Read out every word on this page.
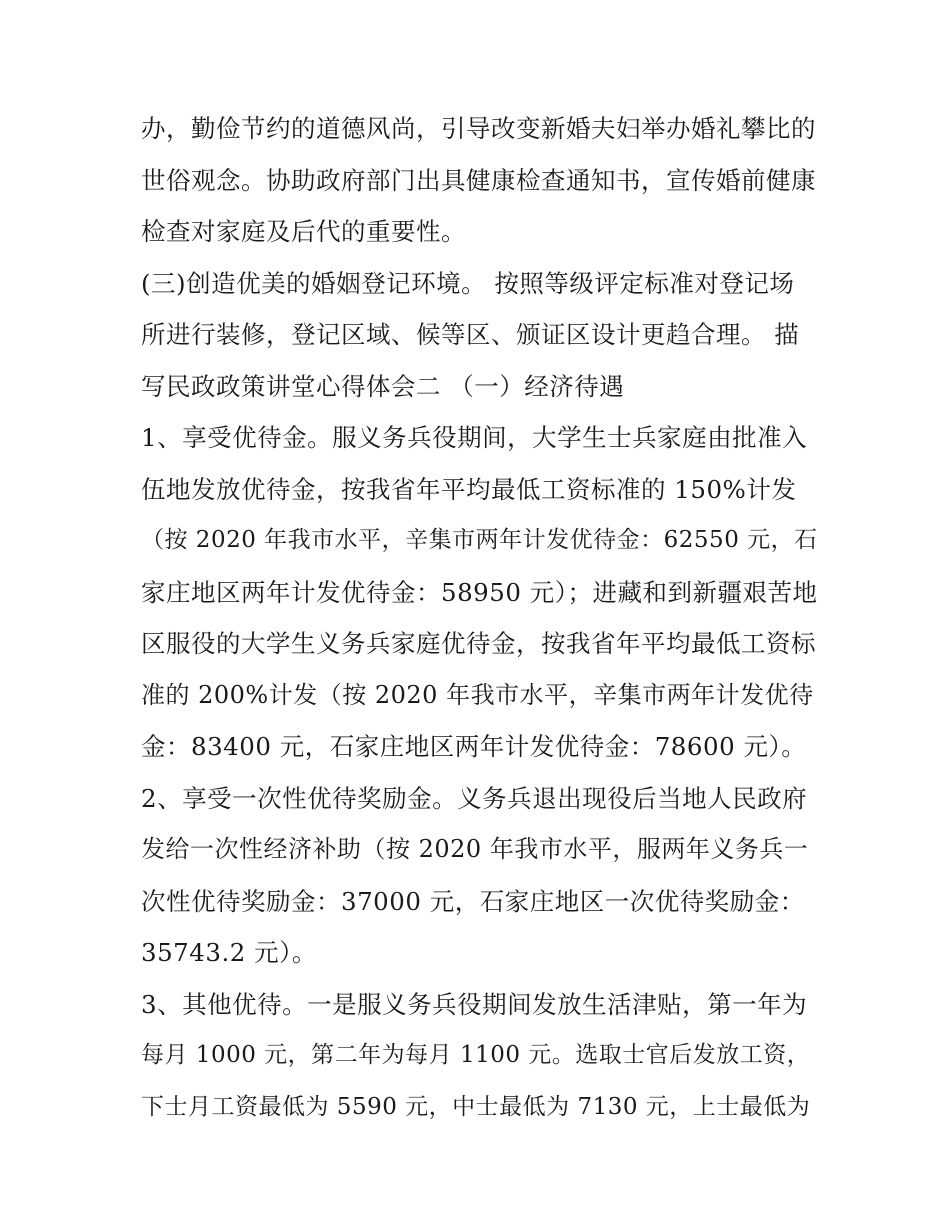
办，勤俭节约的道德风尚，引导改变新婚夫妇举办婚礼攀比的
世俗观念。协助政府部门出具健康检查通知书，宣传婚前健康
检查对家庭及后代的重要性。
(三)创造优美的婚姻登记环境。 按照等级评定标准对登记场
所进行装修，登记区域、候等区、颁证区设计更趋合理。 描
写民政政策讲堂心得体会二 （一）经济待遇
1、享受优待金。服义务兵役期间，大学生士兵家庭由批准入
伍地发放优待金，按我省年平均最低工资标准的 150%计发
（按 2020 年我市水平，辛集市两年计发优待金：62550 元，石
家庄地区两年计发优待金：58950 元）；进藏和到新疆艰苦地
区服役的大学生义务兵家庭优待金，按我省年平均最低工资标
准的 200%计发（按 2020 年我市水平，辛集市两年计发优待
金：83400 元，石家庄地区两年计发优待金：78600 元）。
2、享受一次性优待奖励金。义务兵退出现役后当地人民政府
发给一次性经济补助（按 2020 年我市水平，服两年义务兵一
次性优待奖励金：37000 元，石家庄地区一次优待奖励金：
35743.2 元）。
3、其他优待。一是服义务兵役期间发放生活津贴，第一年为
每月 1000 元，第二年为每月 1100 元。选取士官后发放工资，
下士月工资最低为 5590 元，中士最低为 7130 元，上士最低为
